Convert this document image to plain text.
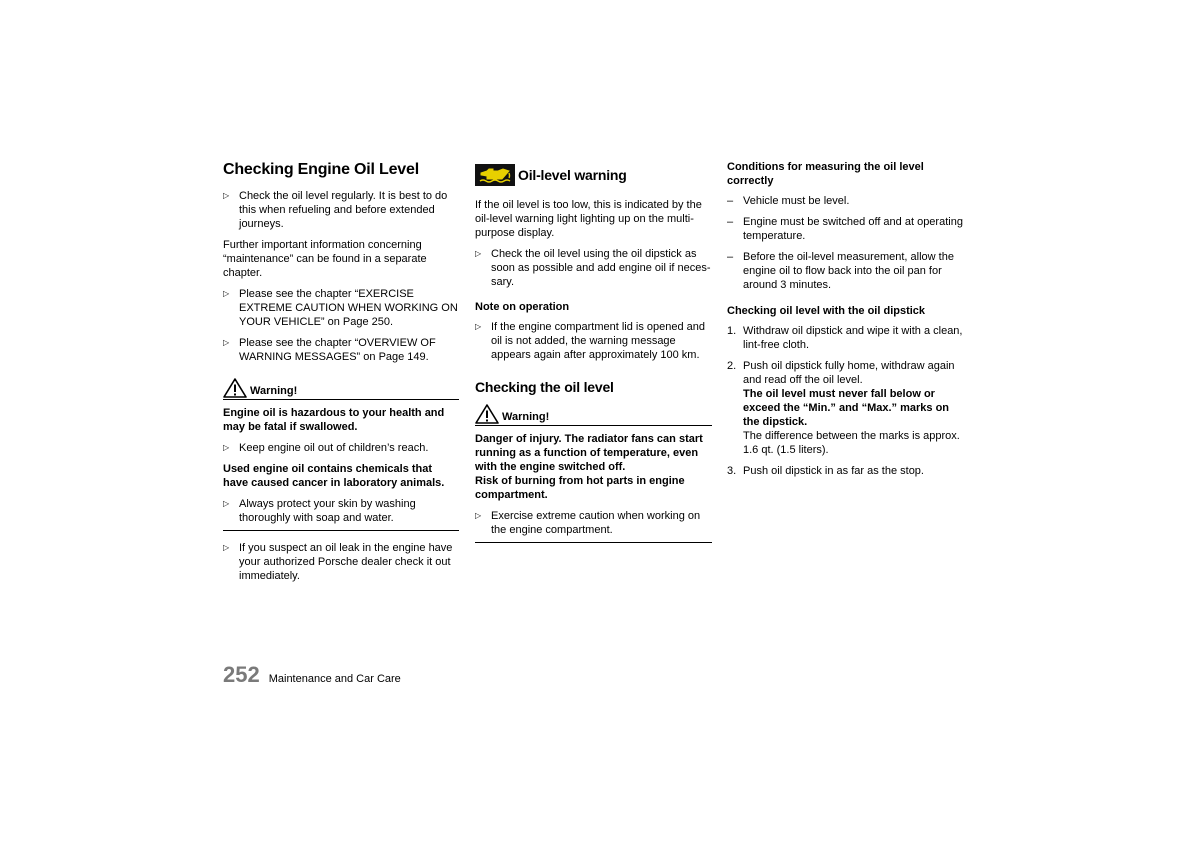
Checking Engine Oil Level
▷ Check the oil level regularly. It is best to do this when refueling and before extended journeys.

Further important information concerning “maintenance” can be found in a separate chapter.

▷ Please see the chapter “EXERCISE EXTREME CAUTION WHEN WORKING ON YOUR VEHICLE” on Page 250.
▷ Please see the chapter “OVERVIEW OF WARNING MESSAGES” on Page 149.
Warning!

Engine oil is hazardous to your health and may be fatal if swallowed.

▷ Keep engine oil out of children’s reach.

Used engine oil contains chemicals that have caused cancer in laboratory animals.

▷ Always protect your skin by washing thoroughly with soap and water.
▷ If you suspect an oil leak in the engine have your authorized Porsche dealer check it out immediately.
Oil-level warning

If the oil level is too low, this is indicated by the oil-level warning light lighting up on the multi-purpose display.

▷ Check the oil level using the oil dipstick as soon as possible and add engine oil if necessary.
Note on operation
▷ If the engine compartment lid is opened and oil is not added, the warning message appears again after approximately 100 km.
Checking the oil level
Warning!

Danger of injury. The radiator fans can start running as a function of temperature, even with the engine switched off.

Risk of burning from hot parts in engine compartment.

▷ Exercise extreme caution when working on the engine compartment.
Conditions for measuring the oil level correctly
– Vehicle must be level.
– Engine must be switched off and at operating temperature.
– Before the oil-level measurement, allow the engine oil to flow back into the oil pan for around 3 minutes.
Checking oil level with the oil dipstick
1. Withdraw oil dipstick and wipe it with a clean, lint-free cloth.
2. Push oil dipstick fully home, withdraw again and read off the oil level.
The oil level must never fall below or exceed the “Min.” and “Max.” marks on the dipstick.
The difference between the marks is approx. 1.6 qt. (1.5 liters).
3. Push oil dipstick in as far as the stop.
252 Maintenance and Car Care
